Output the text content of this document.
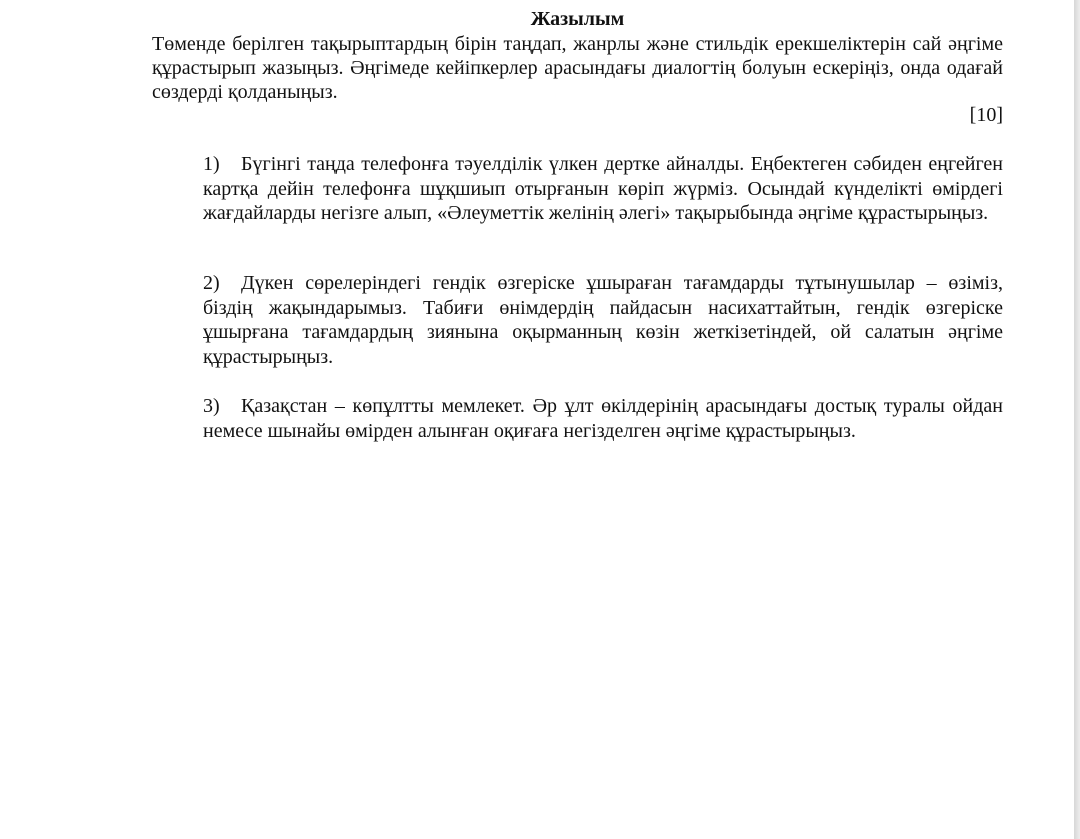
Жазылым
Төменде берілген тақырыптардың бірін таңдап, жанрлы және стильдік ерекшеліктерін сай әңгіме құрастырып жазыңыз. Әңгімеде кейіпкерлер арасындағы диалогтің болуын ескеріңіз, онда одағай сөздерді қолданыңыз.
[10]
1) Бүгінгі таңда телефонға тәуелділік үлкен дертке айналды. Еңбектеген сәбиден еңгейген картқа дейін телефонға шұқшиып отырғанын көріп жүрміз. Осындай күнделікті өмірдегі жағдайларды негізге алып, «Әлеуметтік желінің әлегі» тақырыбында әңгіме құрастырыңыз.
2) Дүкен сөрелеріндегі гендік өзгеріске ұшыраған тағамдарды тұтынушылар – өзіміз, біздің жақындарымыз. Табиғи өнімдердің пайдасын насихаттайтын, гендік өзгеріске ұшырғана тағамдардың зиянына оқырманның көзін жеткізетіндей, ой салатын әңгіме құрастырыңыз.
3) Қазақстан – көпұлтты мемлекет. Әр ұлт өкілдерінің арасындағы достық туралы ойдан немесе шынайы өмірден алынған оқиғаға негізделген әңгіме құрастырыңыз.
